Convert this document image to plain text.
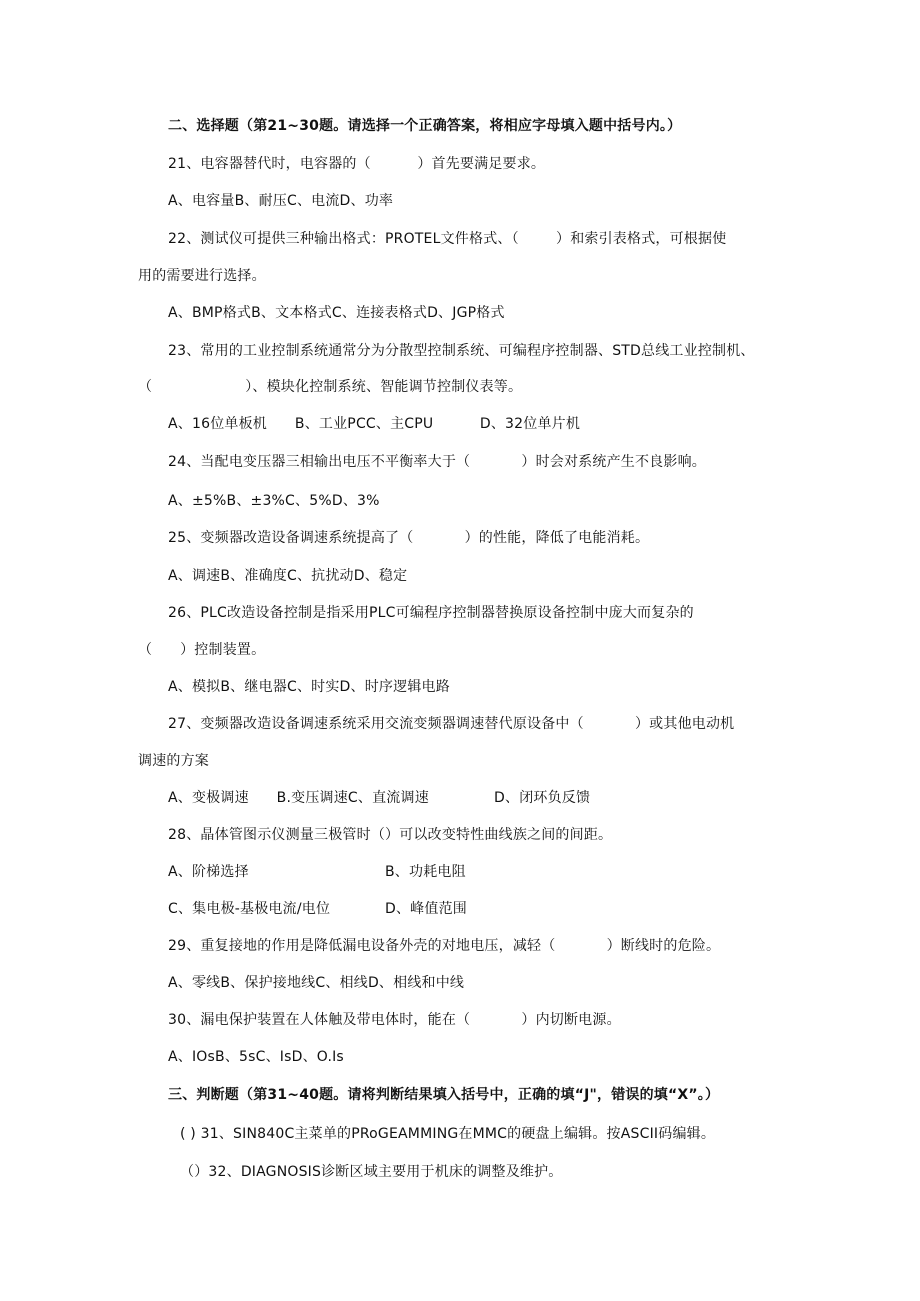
二、选择题（第21~30题。请选择一个正确答案，将相应字母填入题中括号内。）
21、电容器替代时，电容器的（          ）首先要满足要求。
A、电容量B、耐压C、电流D、功率
22、测试仪可提供三种输出格式：PROTEL文件格式、（        ）和索引表格式，可根据使
用的需要进行选择。
A、BMP格式B、文本格式C、连接表格式D、JGP格式
23、常用的工业控制系统通常分为分散型控制系统、可编程序控制器、STD总线工业控制机、
（                    ）、模块化控制系统、智能调节控制仪表等。
A、16位单板机      B、工业PCC、主CPU          D、32位单片机
24、当配电变压器三相输出电压不平衡率大于（           ）时会对系统产生不良影响。
A、±5%B、±3%C、5%D、3%
25、变频器改造设备调速系统提高了（           ）的性能，降低了电能消耗。
A、调速B、准确度C、抗扰动D、稳定
26、PLC改造设备控制是指采用PLC可编程序控制器替换原设备控制中庞大而复杂的
（      ）控制装置。
A、模拟B、继电器C、时实D、时序逻辑电路
27、变频器改造设备调速系统采用交流变频器调速替代原设备中（           ）或其他电动机
调速的方案
A、变极调速      B.变压调速C、直流调速              D、闭环负反馈
28、晶体管图示仪测量三极管时（）可以改变特性曲线族之间的间距。
A、阶梯选择	B、功耗电阻
C、集电极-基极电流/电位	D、峰值范围
29、重复接地的作用是降低漏电设备外壳的对地电压，减轻（           ）断线时的危险。
A、零线B、保护接地线C、相线D、相线和中线
30、漏电保护装置在人体触及带电体时，能在（           ）内切断电源。
A、IOsB、5sC、IsD、O.Is
三、判断题（第31~40题。请将判断结果填入括号中，正确的填“J"，错误的填“X”。）
( ) 31、SIN840C主菜单的PRoGEAMMING在MMC的硬盘上编辑。按ASCII码编辑。
（）32、DIAGNOSIS诊断区域主要用于机床的调整及维护。
